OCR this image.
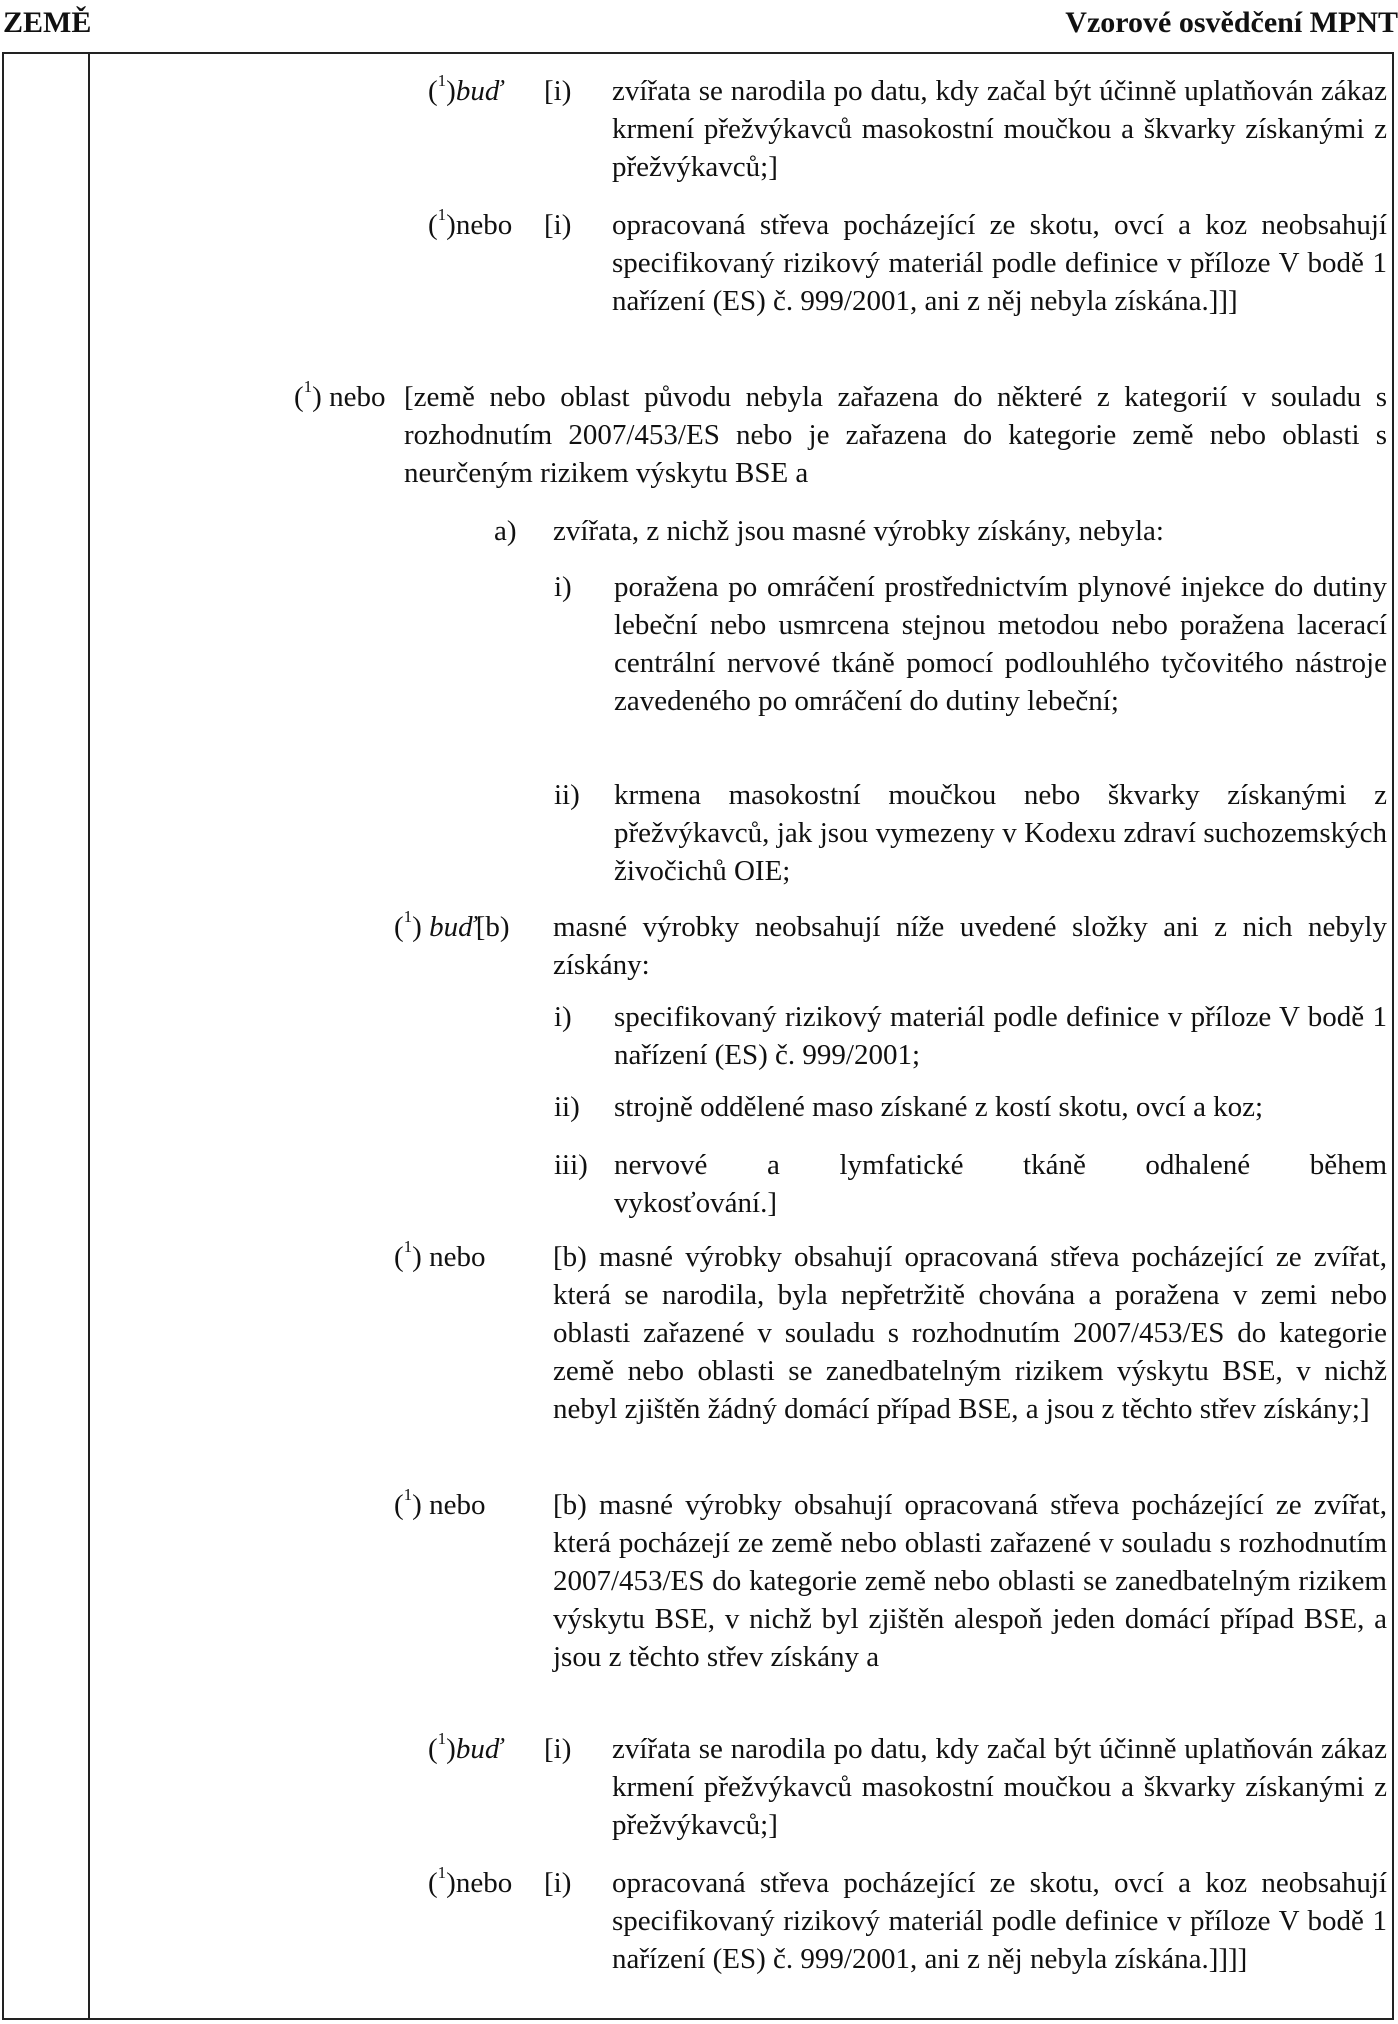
ZEMĚ	Vzorové osvědčení MPNT
($^1$)buď [i) zvířata se narodila po datu, kdy začal být účinně uplatňován zákaz krmení přežvýkavců masokostní moučkou a škvarky získanými z přežvýkavců;]
($^1$)nebo [i) opracovaná střeva pocházející ze skotu, ovcí a koz neobsahují specifikovaný rizikový materiál podle definice v příloze V bodě 1 nařízení (ES) č. 999/2001, ani z něj nebyla získána.]]]
($^1$) nebo [země nebo oblast původu nebyla zařazena do některé z kategorií v souladu s rozhodnutím 2007/453/ES nebo je zařazena do kategorie země nebo oblasti s neurčeným rizikem výskytu BSE a
a) zvířata, z nichž jsou masné výrobky získány, nebyla:
i) poražena po omráčení prostřednictvím plynové injekce do dutiny lebeční nebo usmrcena stejnou metodou nebo poražena lacerací centrální nervové tkáně pomocí podlouhlého tyčovitého nástroje zavedeného po omráčení do dutiny lebeční;
ii) krmena masokostní moučkou nebo škvarky získanými z přežvýkavců, jak jsou vymezeny v Kodexu zdraví suchozemských živočichů OIE;
($^1$) buď[b) masné výrobky neobsahují níže uvedené složky ani z nich nebyly získány:
i) specifikovaný rizikový materiál podle definice v příloze V bodě 1 nařízení (ES) č. 999/2001;
ii) strojně oddělené maso získané z kostí skotu, ovcí a koz;
iii) nervové a lymfatické tkáně odhalené během
vykosťování.]
($^1$) nebo [b) masné výrobky obsahují opracovaná střeva pocházející ze zvířat, která se narodila, byla nepřetržitě chována a poražena v zemi nebo oblasti zařazené v souladu s rozhodnutím 2007/453/ES do kategorie země nebo oblasti se zanedbatelným rizikem výskytu BSE, v nichž nebyl zjištěn žádný domácí případ BSE, a jsou z těchto střev získány;]
($^1$) nebo [b) masné výrobky obsahují opracovaná střeva pocházející ze zvířat, která pocházejí ze země nebo oblasti zařazené v souladu s rozhodnutím 2007/453/ES do kategorie země nebo oblasti se zanedbatelným rizikem výskytu BSE, v nichž byl zjištěn alespoň jeden domácí případ BSE, a jsou z těchto střev získány a
($^1$)buď [i) zvířata se narodila po datu, kdy začal být účinně uplatňován zákaz krmení přežvýkavců masokostní moučkou a škvarky získanými z přežvýkavců;]
($^1$)nebo [i) opracovaná střeva pocházející ze skotu, ovcí a koz neobsahují specifikovaný rizikový materiál podle definice v příloze V bodě 1 nařízení (ES) č. 999/2001, ani z něj nebyla získána.]]]]
